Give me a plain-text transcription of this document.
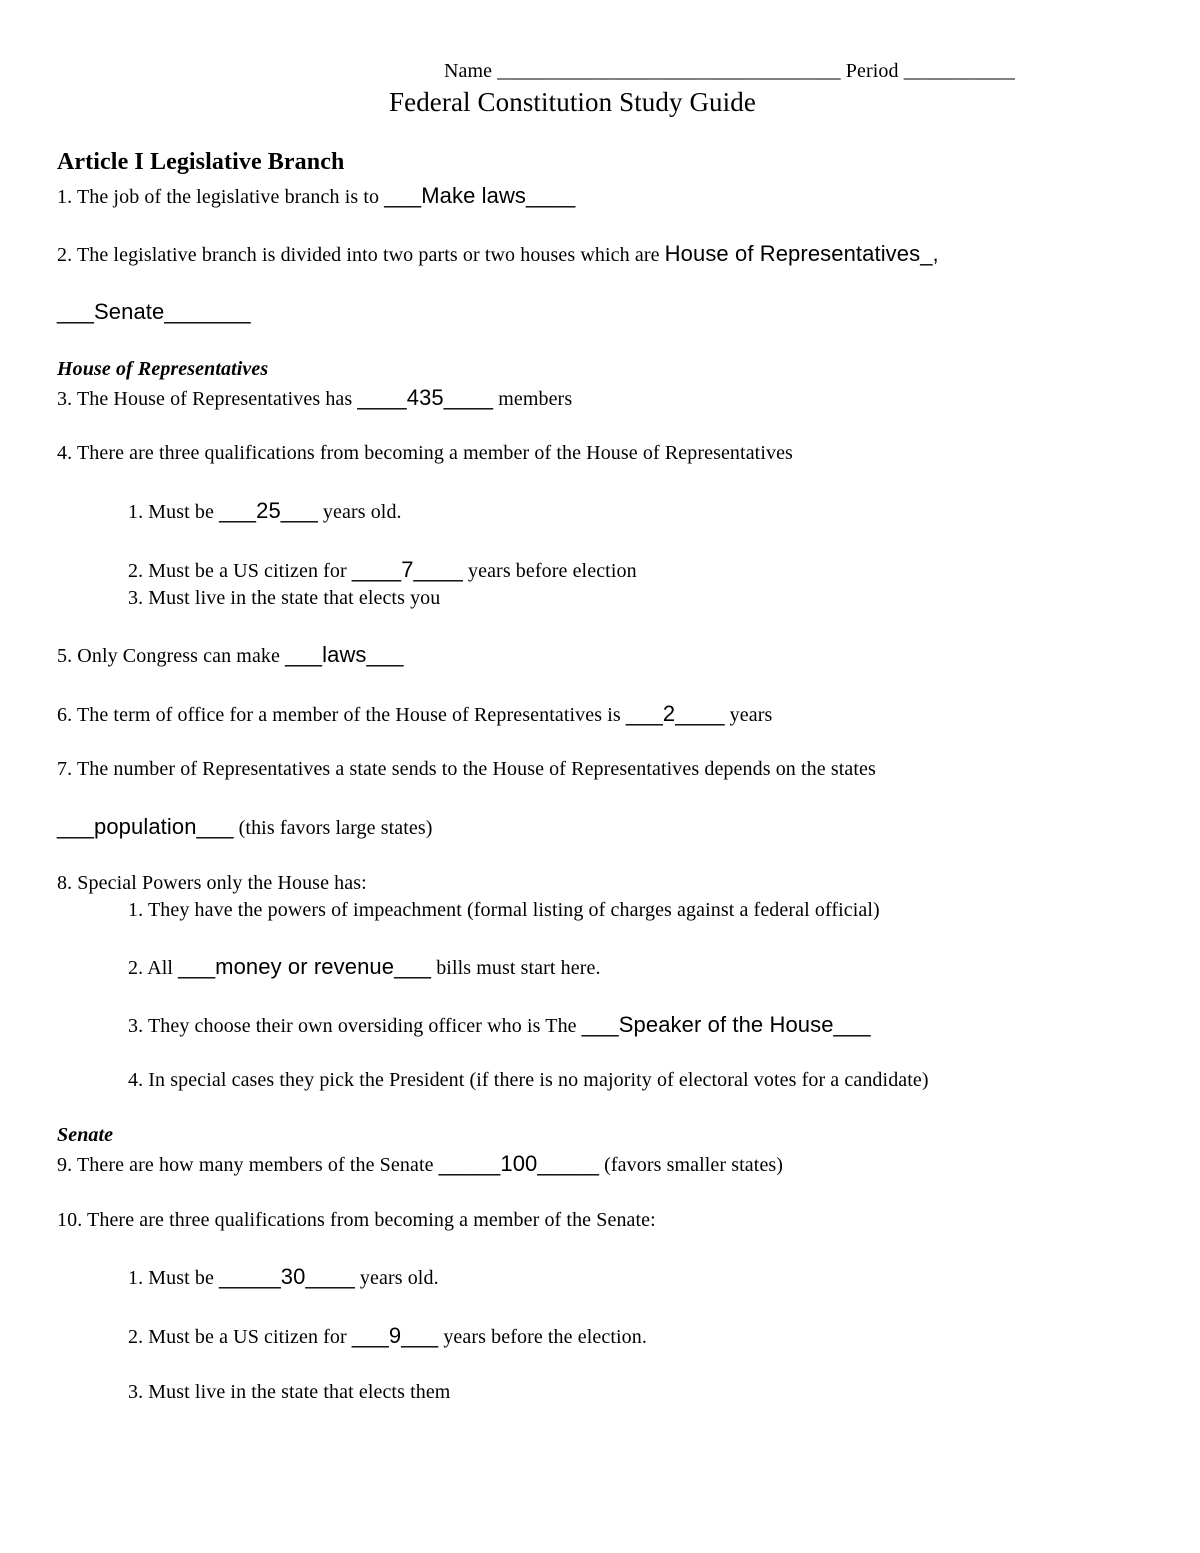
Name __________________________________ Period ___________
Federal Constitution Study Guide
Article I Legislative Branch
1. The job of the legislative branch is to ___Make laws____
2. The legislative branch is divided into two parts or two houses which are House of Representatives_,
___Senate_______
House of Representatives
3. The House of Representatives has ____435____ members
4. There are three qualifications from becoming a member of the House of Representatives
1. Must be ___25___ years old.
2. Must be a US citizen for ____7____ years before election
3. Must live in the state that elects you
5. Only Congress can make ___laws___
6. The term of office for a member of the House of Representatives is ___2____ years
7. The number of Representatives a state sends to the House of Representatives depends on the states
___population___ (this favors large states)
8. Special Powers only the House has:
1. They have the powers of impeachment (formal listing of charges against a federal official)
2. All ___money or revenue___ bills must start here.
3. They choose their own oversiding officer who is The ___Speaker of the House___
4. In special cases they pick the President (if there is no majority of electoral votes for a candidate)
Senate
9. There are how many members of the Senate _____100_____ (favors smaller states)
10. There are three qualifications from becoming a member of the Senate:
1. Must be _____30____ years old.
2. Must be a US citizen for ___9___ years before the election.
3. Must live in the state that elects them
